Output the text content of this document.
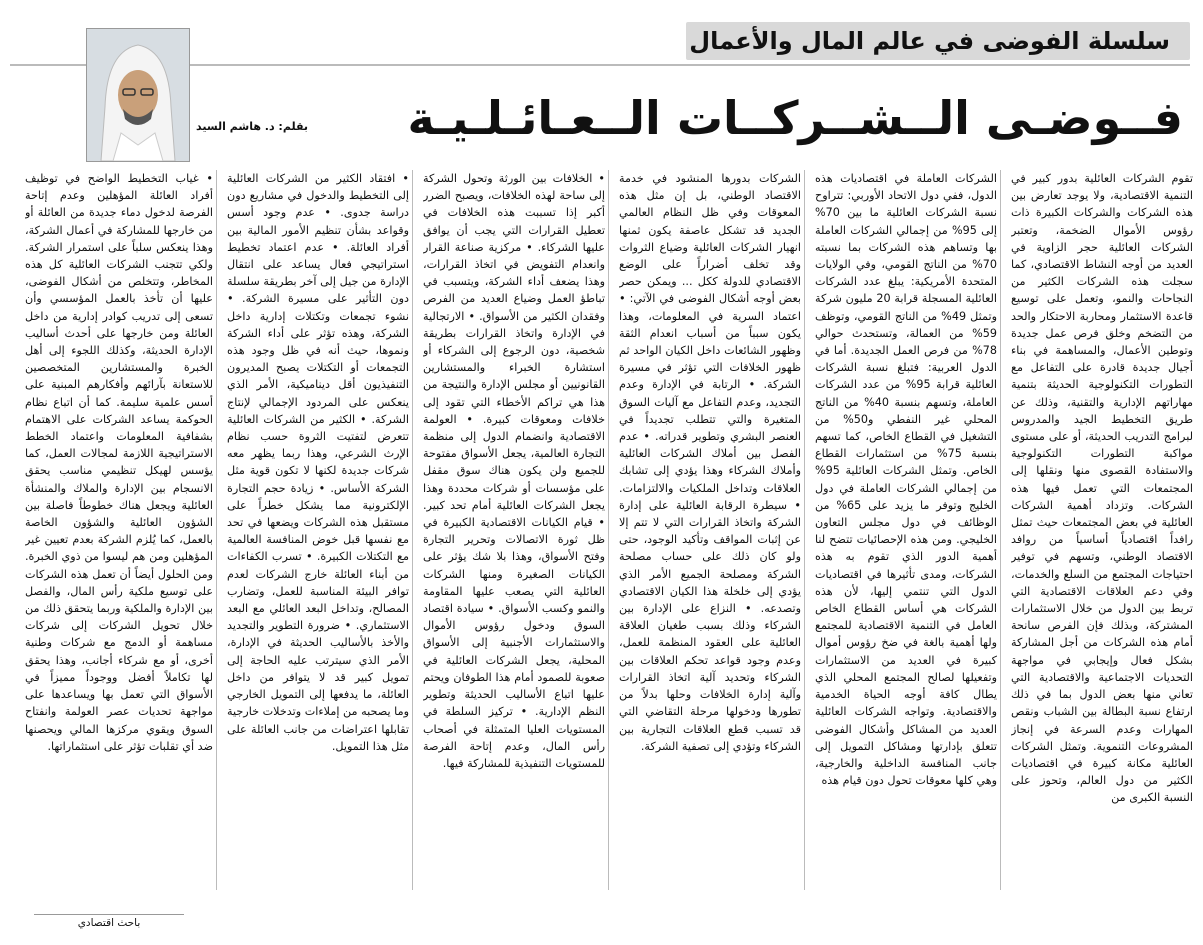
سلسلة الفوضى في عالم المال والأعمال
بقلم: د. هاشم السيد فــوضـى الــشــركــات الــعـائـلـيـة

تقوم الشركات العائلية بدور كبير في التنمية الاقتصادية، ولا يوجد تعارض بين هذه الشركات والشركات الكبيرة ذات رؤوس الأموال الضخمة، وتعتبر الشركات العائلية حجر الزاوية في العديد من أوجه النشاط الاقتصادي، كما سجلت هذه الشركات الكثير من النجاحات والنمو، وتعمل على توسيع قاعدة الاستثمار ومحاربة الاحتكار والحد من التضخم وخلق فرص عمل جديدة وتوطين الأعمال، والمساهمة في بناء أجيال جديدة قادرة على التفاعل مع التطورات التكنولوجية الحديثة بتنمية مهاراتهم الإدارية والتقنية، وذلك عن طريق التخطيط الجيد والمدروس لبرامج التدريب الحديثة، أو على مستوى مواكبة التطورات التكنولوجية والاستفادة القصوى منها ونقلها إلى المجتمعات التي تعمل فيها هذه الشركات. وتزداد أهمية الشركات العائلية في بعض المجتمعات حيث تمثل رافداً اقتصادياً أساسياً من روافد الاقتصاد الوطني، وتسهم في توفير احتياجات المجتمع من السلع والخدمات، وفي دعم العلاقات الاقتصادية التي تربط بين الدول من خلال الاستثمارات المشتركة، وبذلك فإن الفرص سانحة أمام هذه الشركات من أجل المشاركة بشكل فعال وإيجابي في مواجهة التحديات الاجتماعية والاقتصادية التي تعاني منها بعض الدول بما في ذلك ارتفاع نسبة البطالة بين الشباب ونقص المهارات وعدم السرعة في إنجاز المشروعات التنموية. وتمثل الشركات العائلية مكانة كبيرة في اقتصاديات الكثير من دول العالم، وتحوز على النسبة الكبرى من

الشركات العاملة في اقتصاديات هذه الدول، ففي دول الاتحاد الأوربي: تتراوح نسبة الشركات العائلية ما بين 70% إلى 95% من إجمالي الشركات العاملة بها وتساهم هذه الشركات بما نسبته 70% من الناتج القومي، وفي الولايات المتحدة الأمريكية: يبلغ عدد الشركات العائلية المسجلة قرابة 20 مليون شركة وتمثل 49% من الناتج القومي، وتوظف 59% من العمالة، وتستحدث حوالي 78% من فرص العمل الجديدة. أما في الدول العربية: فتبلغ نسبة الشركات العائلية قرابة 95% من عدد الشركات العاملة، وتسهم بنسبة 40% من الناتج المحلي غير النفطي و50% من التشغيل في القطاع الخاص، كما تسهم بنسبة 75% من استثمارات القطاع الخاص. وتمثل الشركات العائلية 95% من إجمالي الشركات العاملة في دول الخليج وتوفر ما يزيد على 65% من الوظائف في دول مجلس التعاون الخليجي. ومن هذه الإحصائيات تتضح لنا أهمية الدور الذي تقوم به هذه الشركات، ومدى تأثيرها في اقتصاديات الدول التي تنتمي إليها، لأن هذه الشركات هي أساس القطاع الخاص العامل في التنمية الاقتصادية للمجتمع ولها أهمية بالغة في ضخ رؤوس أموال كبيرة في العديد من الاستثمارات وتفعيلها لصالح المجتمع المحلي الذي يطال كافة أوجه الحياة الخدمية والاقتصادية. وتواجه الشركات العائلية العديد من المشاكل وأشكال الفوضى تتعلق بإدارتها ومشاكل التمويل إلى جانب المنافسة الداخلية والخارجية، وهي كلها معوقات تحول دون قيام هذه

الشركات بدورها المنشود في خدمة الاقتصاد الوطني، بل إن مثل هذه المعوقات وفي ظل النظام العالمي الجديد قد تشكل عاصفة يكون ثمنها انهيار الشركات العائلية وضياع الثروات وقد تخلف أضراراً على الوضع الاقتصادي للدولة ككل ... ويمكن حصر بعض أوجه أشكال الفوضى في الآتي: • اعتماد السرية في المعلومات، وهذا يكون سبباً من أسباب انعدام الثقة وظهور الشائعات داخل الكيان الواحد ثم ظهور الخلافات التي تؤثر في مسيرة الشركة. • الرتابة في الإدارة وعدم التجديد، وعدم التفاعل مع آليات السوق المتغيرة والتي تتطلب تجديداً في العنصر البشري وتطوير قدراته. • عدم الفصل بين أملاك الشركات العائلية وأملاك الشركاء وهذا يؤدي إلى تشابك العلاقات وتداخل الملكيات والالتزامات. • سيطرة الرقابة العائلية على إدارة الشركة واتخاذ القرارات التي لا تتم إلا عن إثبات المواقف وتأكيد الوجود، حتى ولو كان ذلك على حساب مصلحة الشركة ومصلحة الجميع الأمر الذي يؤدي إلى خلخلة هذا الكيان الاقتصادي وتصدعه. • النزاع على الإدارة بين الشركاء وذلك بسبب طغيان العلاقة العائلية على العقود المنظمة للعمل، وعدم وجود قواعد تحكم العلاقات بين الشركاء وتحديد آلية اتخاذ القرارات وآلية إدارة الخلافات وحلها بدلاً من تطورها ودخولها مرحلة التقاضي التي قد تسبب قطع العلاقات التجارية بين الشركاء وتؤدي إلى تصفية الشركة.

• الخلافات بين الورثة وتحول الشركة إلى ساحة لهذه الخلافات، ويصبح الضرر أكبر إذا تسببت هذه الخلافات في تعطيل القرارات التي يجب أن يوافق عليها الشركاء. • مركزية صناعة القرار وانعدام التفويض في اتخاذ القرارات، وهذا يضعف أداء الشركة، ويتسبب في تباطؤ العمل وضياع العديد من الفرص وفقدان الكثير من الأسواق. • الارتجالية في الإدارة واتخاذ القرارات بطريقة شخصية، دون الرجوع إلى الشركاء أو استشارة الخبراء والمستشارين القانونيين أو مجلس الإدارة والنتيجة من هذا هي تراكم الأخطاء التي تقود إلى خلافات ومعوقات كبيرة. • العولمة الاقتصادية وانضمام الدول إلى منظمة التجارة العالمية، يجعل الأسواق مفتوحة للجميع ولن يكون هناك سوق مقفل على مؤسسات أو شركات محددة وهذا يجعل الشركات العائلية أمام تحد كبير. • قيام الكيانات الاقتصادية الكبيرة في ظل ثورة الاتصالات وتحرير التجارة وفتح الأسواق، وهذا بلا شك يؤثر على الكيانات الصغيرة ومنها الشركات العائلية التي يصعب عليها المقاومة والنمو وكسب الأسواق. • سيادة اقتصاد السوق ودخول رؤوس الأموال والاستثمارات الأجنبية إلى الأسواق المحلية، يجعل الشركات العائلية في صعوبة للصمود أمام هذا الطوفان ويحتم عليها اتباع الأساليب الحديثة وتطوير النظم الإدارية. • تركيز السلطة في المستويات العليا المتمثلة في أصحاب رأس المال، وعدم إتاحة الفرصة للمستويات التنفيذية للمشاركة فيها.

• افتقاد الكثير من الشركات العائلية إلى التخطيط والدخول في مشاريع دون دراسة جدوى. • عدم وجود أسس وقواعد بشأن تنظيم الأمور المالية بين أفراد العائلة. • عدم اعتماد تخطيط استراتيجي فعال يساعد على انتقال الإدارة من جيل إلى آخر بطريقة سلسلة دون التأثير على مسيرة الشركة. • نشوء تجمعات وتكتلات إدارية داخل الشركة، وهذه تؤثر على أداء الشركة ونموها، حيث أنه في ظل وجود هذه التجمعات أو التكتلات يصبح المديرون التنفيذيون أقل ديناميكية، الأمر الذي ينعكس على المردود الإجمالي لإنتاج الشركة. • الكثير من الشركات العائلية تتعرض لتفتيت الثروة حسب نظام الإرث الشرعي، وهذا ربما يظهر معه شركات جديدة لكنها لا تكون قوية مثل الشركة الأساس. • زيادة حجم التجارة الإلكترونية مما يشكل خطراً على مستقبل هذه الشركات ويضعها في تحد مع نفسها قبل خوض المنافسة العالمية مع التكتلات الكبيرة. • تسرب الكفاءات من أبناء العائلة خارج الشركات لعدم توافر البيئة المناسبة للعمل، وتضارب المصالح، وتداخل البعد العائلي مع البعد الاستثماري. • ضرورة التطوير والتجديد والأخذ بالأساليب الحديثة في الإدارة، الأمر الذي سيترتب عليه الحاجة إلى تمويل كبير قد لا يتوافر من داخل العائلة، ما يدفعها إلى التمويل الخارجي وما يصحبه من إملاءات وتدخلات خارجية تقابلها اعتراضات من جانب العائلة على مثل هذا التمويل.

• غياب التخطيط الواضح في توظيف أفراد العائلة المؤهلين وعدم إتاحة الفرصة لدخول دماء جديدة من العائلة أو من خارجها للمشاركة في أعمال الشركة، وهذا ينعكس سلباً على استمرار الشركة. ولكي تتجنب الشركات العائلية كل هذه المخاطر، وتتخلص من أشكال الفوضى، عليها أن تأخذ بالعمل المؤسسي وأن تسعى إلى تدريب كوادر إدارية من داخل العائلة ومن خارجها على أحدث أساليب الإدارة الحديثة، وكذلك اللجوء إلى أهل الخبرة والمستشارين المتخصصين للاستعانة بآرائهم وأفكارهم المبنية على أسس علمية سليمة. كما أن اتباع نظام الحوكمة يساعد الشركات على الاهتمام بشفافية المعلومات واعتماد الخطط الاستراتيجية اللازمة لمجالات العمل، كما يؤسس لهيكل تنظيمي مناسب يحقق الانسجام بين الإدارة والملاك والمنشأة العائلية ويجعل هناك خطوطاً فاصلة بين الشؤون العائلية والشؤون الخاصة بالعمل، كما يُلزم الشركة بعدم تعيين غير المؤهلين ومن هم ليسوا من ذوي الخبرة. ومن الحلول أيضاً أن تعمل هذه الشركات على توسيع ملكية رأس المال، والفصل بين الإدارة والملكية وربما يتحقق ذلك من خلال تحويل الشركات إلى شركات مساهمة أو الدمج مع شركات وطنية أخرى، أو مع شركاء أجانب، وهذا يحقق لها تكاملاً أفضل ووجوداً مميزاً في الأسواق التي تعمل بها ويساعدها على مواجهة تحديات عصر العولمة وانفتاح السوق ويقوي مركزها المالي ويحصنها ضد أي تقلبات تؤثر على استثماراتها.

باحث اقتصادي
